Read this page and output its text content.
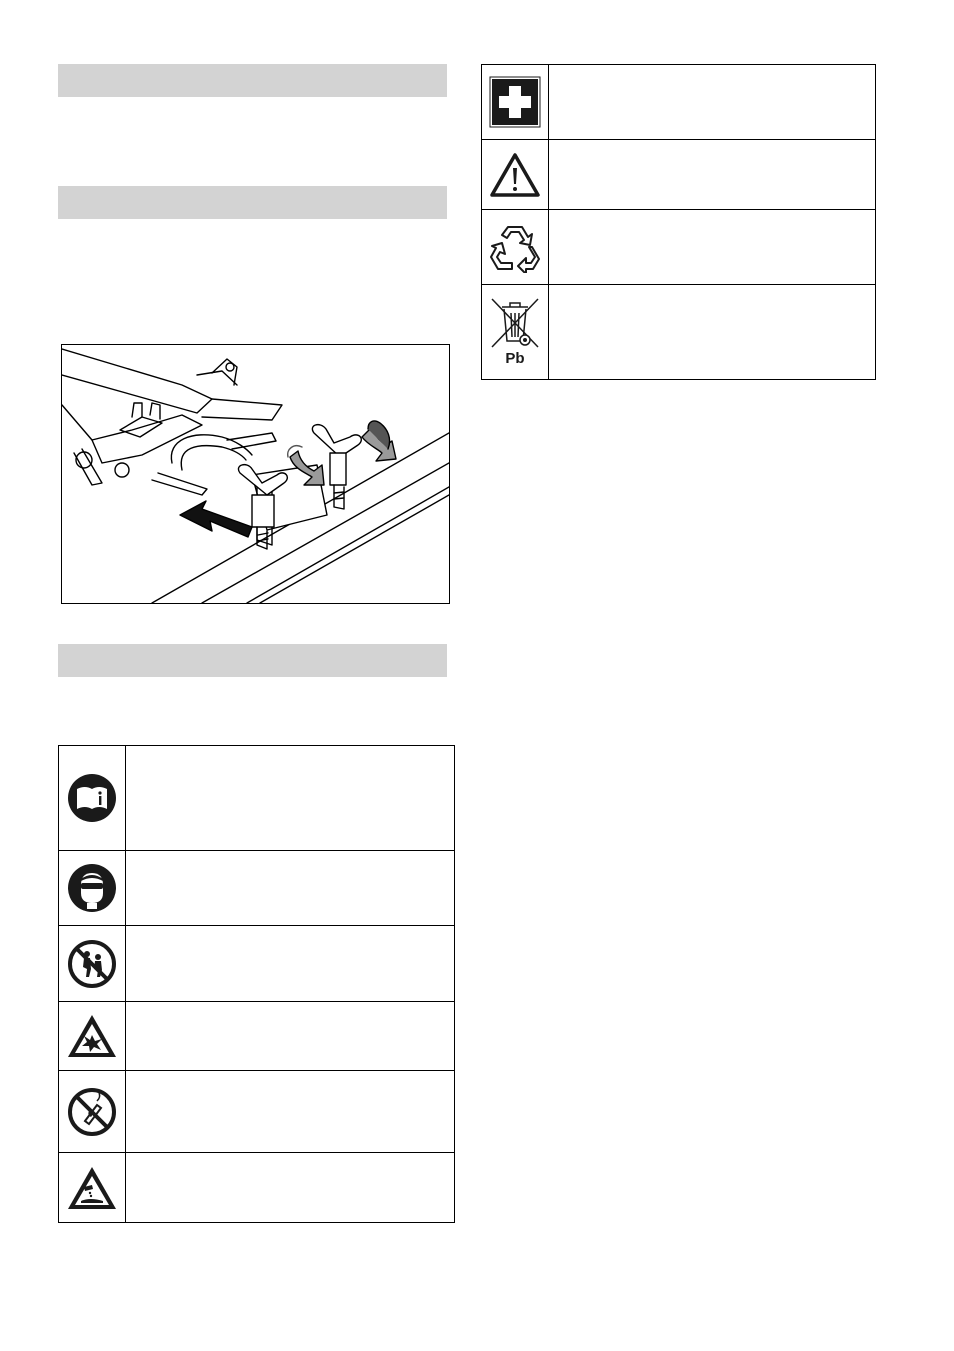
Pb	
